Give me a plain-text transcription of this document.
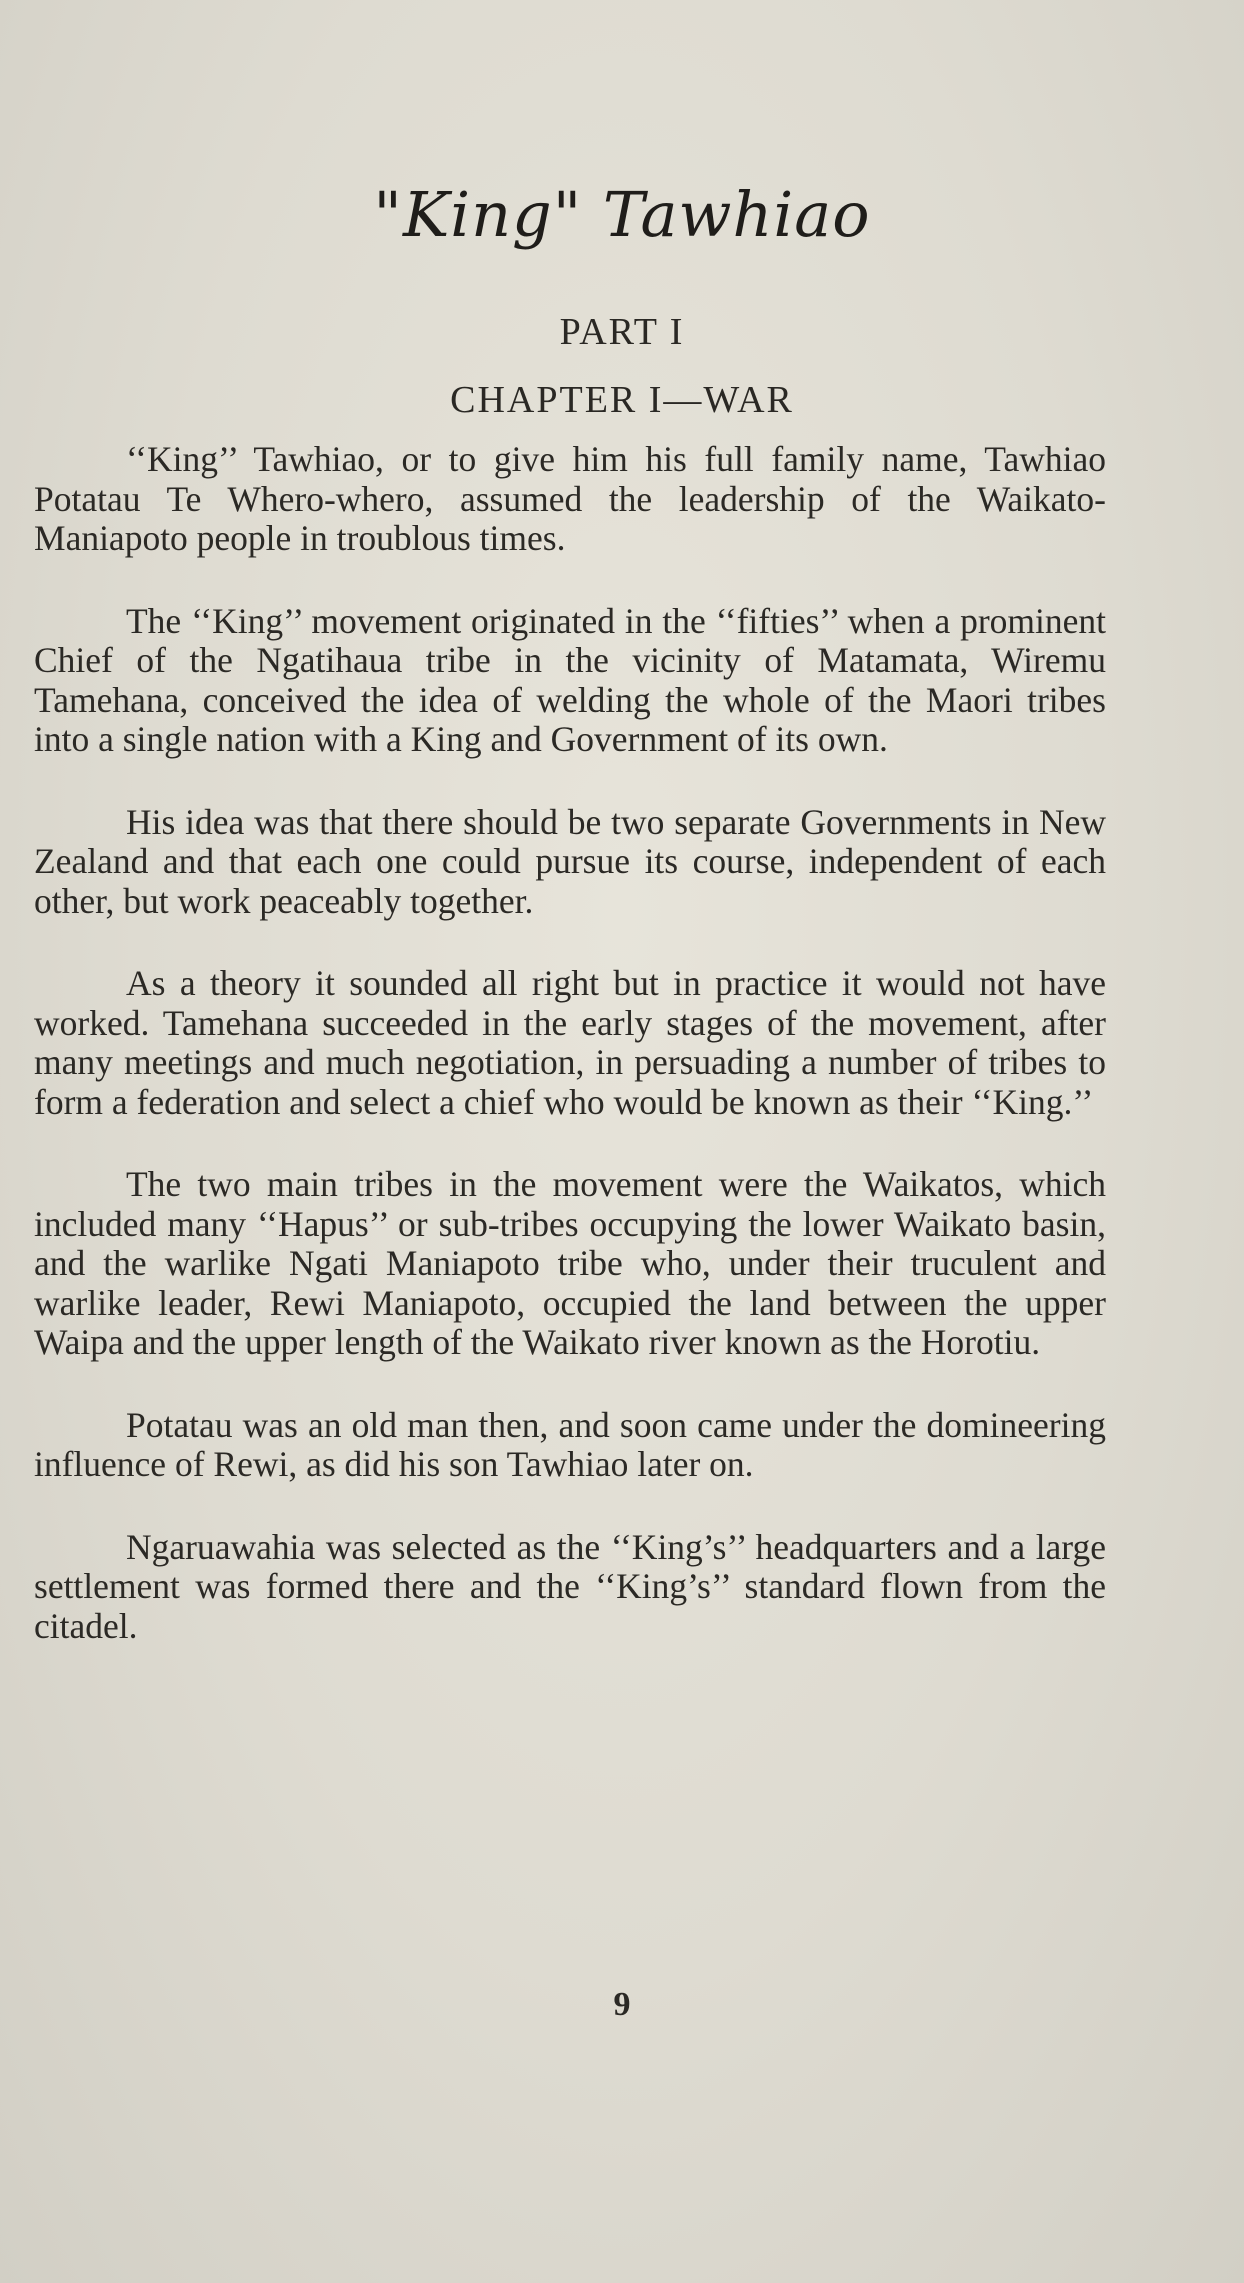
"King" Tawhiao
PART I
CHAPTER I—WAR

‘‘King’’ Tawhiao, or to give him his full family name, Tawhiao Potatau Te Whero-whero, assumed the leadership of the Waikato-Maniapoto people in troublous times.

The ‘‘King’’ movement originated in the ‘‘fifties’’ when a prominent Chief of the Ngatihaua tribe in the vicinity of Matamata, Wiremu Tamehana, conceived the idea of welding the whole of the Maori tribes into a single nation with a King and Government of its own.

His idea was that there should be two separate Governments in New Zealand and that each one could pursue its course, independent of each other, but work peaceably together.

As a theory it sounded all right but in practice it would not have worked. Tamehana succeeded in the early stages of the movement, after many meetings and much negotiation, in persuading a number of tribes to form a federation and select a chief who would be known as their ‘‘King.’’

The two main tribes in the movement were the Waikatos, which included many ‘‘Hapus’’ or sub-tribes occupying the lower Waikato basin, and the warlike Ngati Maniapoto tribe who, under their truculent and warlike leader, Rewi Maniapoto, occupied the land between the upper Waipa and the upper length of the Waikato river known as the Horotiu.

Potatau was an old man then, and soon came under the domineering influence of Rewi, as did his son Tawhiao later on.

Ngaruawahia was selected as the ‘‘King’s’’ headquarters and a large settlement was formed there and the ‘‘King’s’’ standard flown from the citadel.

9
